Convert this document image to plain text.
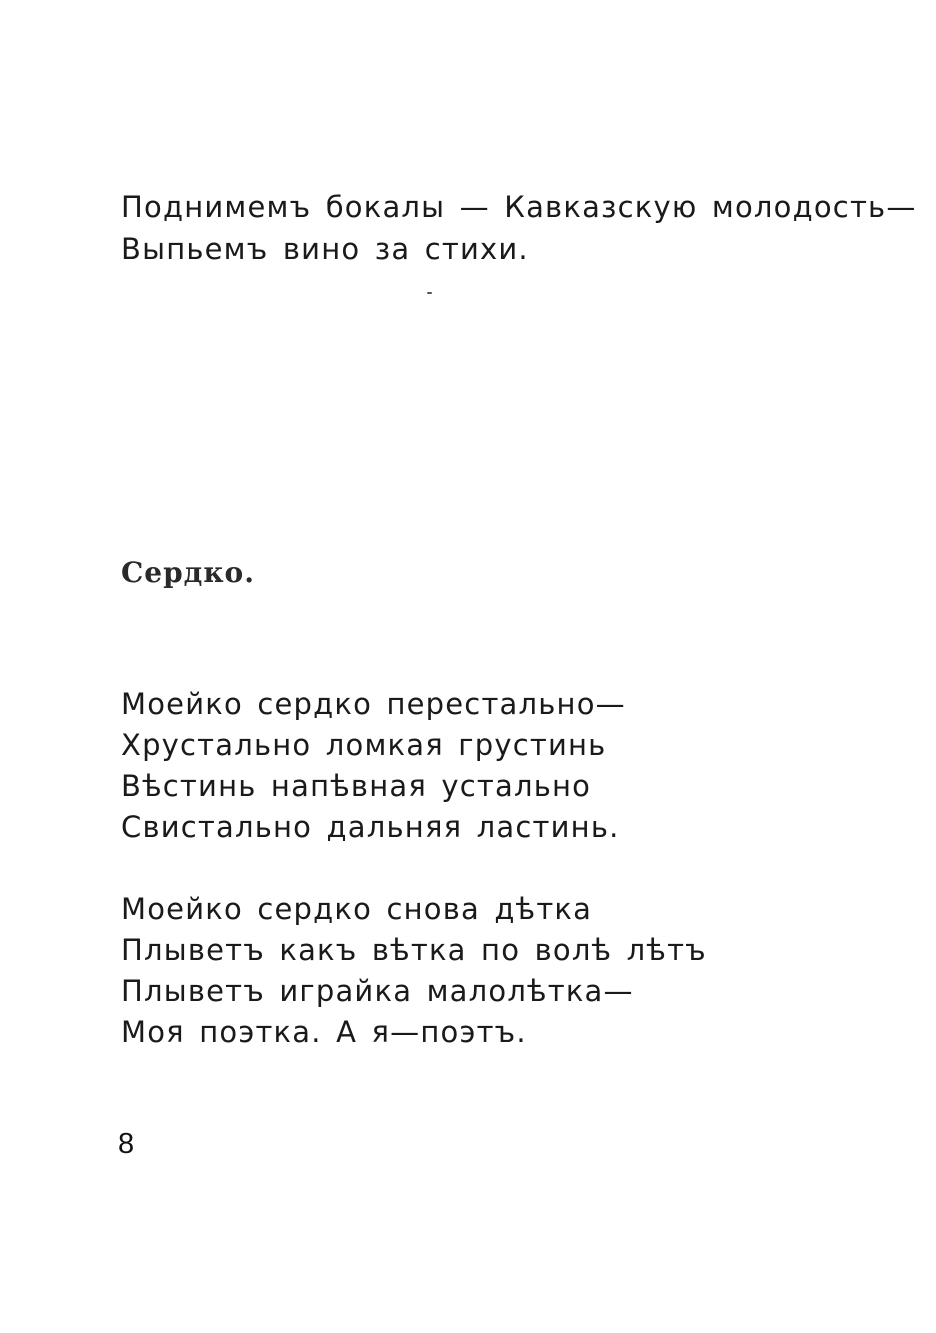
Поднимемъ бокалы — Кавказскую молодость—
Выпьемъ вино за стихи.
Сердко.
Моейко сердко перестально—
Хрустально ломкая грустинь
Вѣстинь напѣвная устально
Свистально дальняя ластинь.
Моейко сердко снова дѣтка
Плыветъ какъ вѣтка по волѣ лѣтъ
Плыветъ играйка малолѣтка—
Моя поэтка. А я—поэтъ.
8
